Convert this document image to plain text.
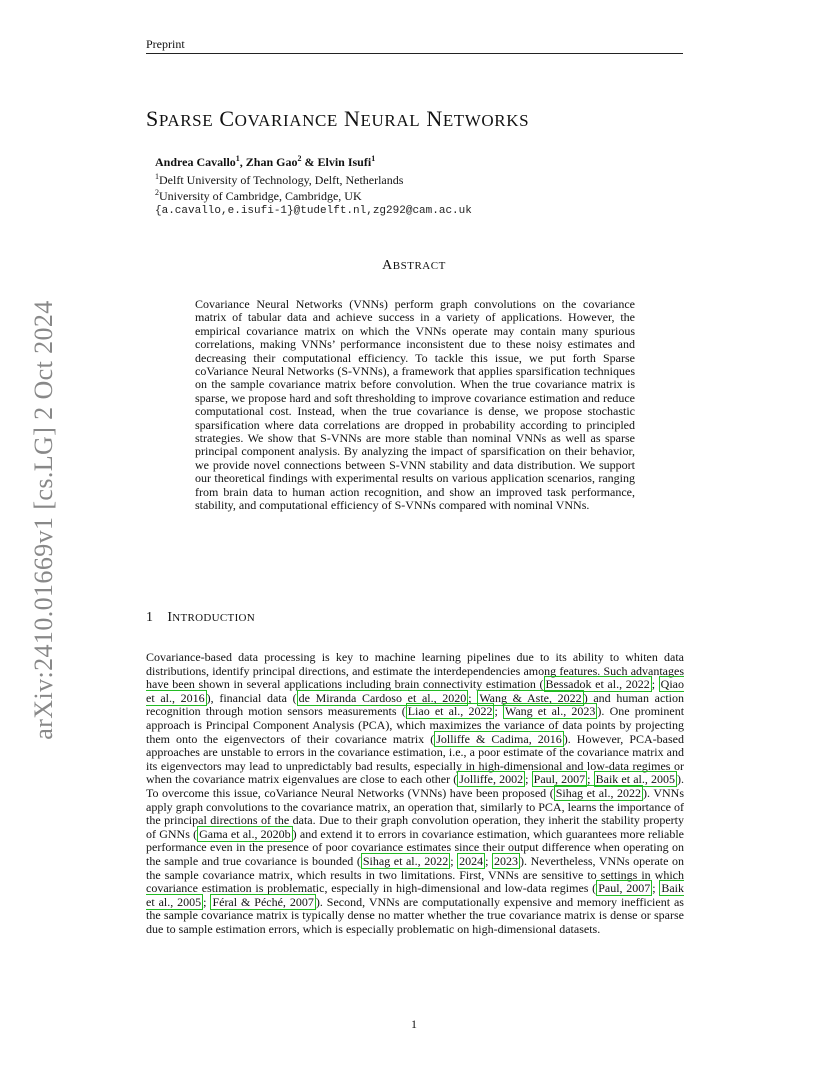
Preprint
arXiv:2410.01669v1 [cs.LG] 2 Oct 2024
SPARSE COVARIANCE NEURAL NETWORKS
Andrea Cavallo$^1$, Zhan Gao$^2$ & Elvin Isufi$^1$
$^1$Delft University of Technology, Delft, Netherlands
$^2$University of Cambridge, Cambridge, UK
{a.cavallo,e.isufi-1}@tudelft.nl,zg292@cam.ac.uk
ABSTRACT
Covariance Neural Networks (VNNs) perform graph convolutions on the covariance matrix of tabular data and achieve success in a variety of applications. However, the empirical covariance matrix on which the VNNs operate may contain many spurious correlations, making VNNs’ performance inconsistent due to these noisy estimates and decreasing their computational efficiency. To tackle this issue, we put forth Sparse coVariance Neural Networks (S-VNNs), a framework that applies sparsification techniques on the sample covariance matrix before convolution. When the true covariance matrix is sparse, we propose hard and soft thresholding to improve covariance estimation and reduce computational cost. Instead, when the true covariance is dense, we propose stochastic sparsification where data correlations are dropped in probability according to principled strategies. We show that S-VNNs are more stable than nominal VNNs as well as sparse principal component analysis. By analyzing the impact of sparsification on their behavior, we provide novel connections between S-VNN stability and data distribution. We support our theoretical findings with experimental results on various application scenarios, ranging from brain data to human action recognition, and show an improved task performance, stability, and computational efficiency of S-VNNs compared with nominal VNNs.
1 INTRODUCTION
Covariance-based data processing is key to machine learning pipelines due to its ability to whiten data distributions, identify principal directions, and estimate the interdependencies among features. Such advantages have been shown in several applications including brain connectivity estimation ( Bessadok et al., 2022 ; Qiao et al., 2016 ), financial data ( de Miranda Cardoso et al., 2020 ; Wang & Aste, 2022 ) and human action recognition through motion sensors measurements ( Liao et al., 2022 ; Wang et al., 2023 ). One prominent approach is Principal Component Analysis (PCA), which maximizes the variance of data points by projecting them onto the eigenvectors of their covariance matrix ( Jolliffe & Cadima, 2016 ). However, PCA-based approaches are unstable to errors in the covariance estimation, i.e., a poor estimate of the covariance matrix and its eigenvectors may lead to unpredictably bad results, especially in high-dimensional and low-data regimes or when the covariance matrix eigenvalues are close to each other ( Jolliffe, 2002 ; Paul, 2007 ; Baik et al., 2005 ). To overcome this issue, coVariance Neural Networks (VNNs) have been proposed ( Sihag et al., 2022 ). VNNs apply graph convolutions to the covariance matrix, an operation that, similarly to PCA, learns the importance of the principal directions of the data. Due to their graph convolution operation, they inherit the stability property of GNNs ( Gama et al., 2020b ) and extend it to errors in covariance estimation, which guarantees more reliable performance even in the presence of poor covariance estimates since their output difference when operating on the sample and true covariance is bounded ( Sihag et al., 2022 ; 2024 ; 2023 ). Nevertheless, VNNs operate on the sample covariance matrix, which results in two limitations. First, VNNs are sensitive to settings in which covariance estimation is problematic, especially in high-dimensional and low-data regimes ( Paul, 2007 ; Baik et al., 2005 ; Féral & Péché, 2007 ). Second, VNNs are computationally expensive and memory inefficient as the sample covariance matrix is typically dense no matter whether the true covariance matrix is dense or sparse due to sample estimation errors, which is especially problematic on high-dimensional datasets.
1
